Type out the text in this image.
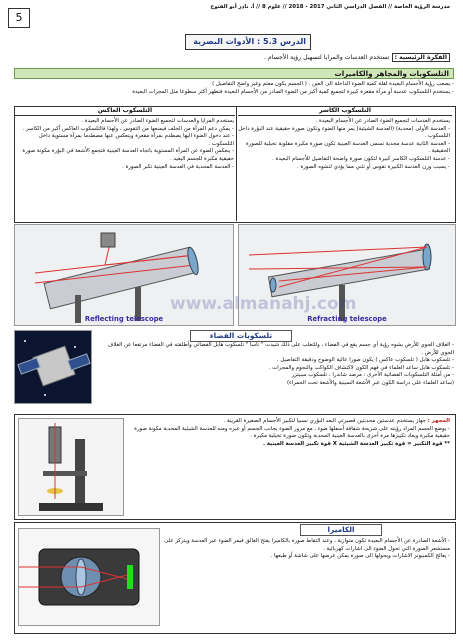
5
مدرسة الرؤية الخاصة // الفصل الدراسي الثاني 2017 - 2018 // علوم 8 // أ. نادر أبو الفتوح
الدرس 5.3 : الأدوات البصرية
الفكرة الرئيسية : تستخدم العدسات والمرايا لتسهيل رؤية الأجسام .
التلسكوبات والمجاهر والكاميرات
- يصعب رؤية الأجسام البعيدة لقلة كمية الضوء الداخلة الى العين . ( الجسم يكون معتم وغير واضح التفاصيل )
- يستخدم التلسكوب عدسة أو مرآة مقعرة كبيرة لتجميع كمية أكبر من الضوء الصادر من الأجسام البعيدة فتظهر أكثر سطوعا مثل المجرات البعيدة
التلسكوب الكاسر
يستخدم العدسات لتجميع الضوء الصادر عن الأجسام البعيدة .
- العدسة الأولى (محدبة) (العدسة الشيئية) يمر منها الضوء وتكون صورة حقيقية عند البؤرة داخل التلسكوب .
- العدسة الثانية عدسة محدبة تسمى العدسة العينية تكون صورة مكبرة مقلوبة تخيلية للصورة الحقيقية .
- عدسة التلسكوب الكاسر كبيرة لتكون صورة واضحة التفاصيل للأجسام البعيدة .
- يسبب وزن العدسة الكبيرة تقوس أو تثني مما يؤدي لتشوه الصورة .
التلسكوب العاكس
يستخدم المرايا والعدسات لتجميع الضوء الصادر عن الأجسام البعيدة .
- يمكن دعم المرآة من الخلف فيمنعها من التقوس ، ولهذا فالتلسكوب العاكس أكبر من الكاسر .
- عند دخول الضوء اليها يصطدم بمرآة مقعرة وينعكس عنها مصطدما بمرآة مستوية داخل التلسكوب .
- ينعكس الضوء عن المرآة المستوية باتجاه العدسة العينية فتجمع الأشعة في البؤرة مكونة صورة حقيقية مكبرة للجسم البعيد .
- العدسة المحدبة في العدسة العينية تكبر الصورة .
Reflecting telescope	Refracting telescope
تلسكوبات الفضاء
- الغلاف الجوي للأرض يشوه رؤية أي جسم يقع في الفضاء ، وللتغلب على ذلك شيدت " ناسا " تلسكوب هابل الفضائي وأطلقته في الفضاء مرتفعا عن الغلاف الجوي للأرض .
- تلسكوب هابل ( تلسكوب عاكس ) يكون صورا عالية الوضوح ودقيقة التفاصيل .
- تلسكوب هابل ساعد العلماء في فهم الكون لاكتشاف الكواكب والنجوم والمجرات .
- من أمثلة التلسكوبات الفضائية الأخرى : مرصد شاندرا ، تلسكوب سبيتزر
(ساعد العلماء على دراسة الكون عبر الأشعة السينية والأشعة تحت الحمراء)
المجهر : جهاز يستخدم عدستين محدبتين قصيرتي البعد البؤري نسبيا لتكبير الأجسام الصغيرة القريبة .
- يوضع الجسم المراد رؤيته على شريحة شفافة أسفلها ضوء ، مع مرور الضوء بجانب الجسم أو عبره ومنه للعدسة الشيئية المحدبة مكونة صورة حقيقية مكبرة ويعاد تكبيرها مرة أخرى بالعدسة العينية المحدبة وتكون صورة تخيلية مكبرة .
** قوة التكبير = قوة تكبير العدسة الشيئية X قوة تكبير العدسة العينية .
الكاميرا
- الأشعة الصادرة عن الأجسام البعيدة تكون متوازية ، وعند التقاط صورة بالكاميرا يفتح الغالق فيمر الضوء عبر العدسة ويتركز على مستشعر الصورة التي تحول الضوء الى اشارات كهربائية .
- يعالج الكمبيوتر الاشارات ويحولها الى صورة يمكن عرضها على شاشة أو طبعها .
www.almanahj.com
